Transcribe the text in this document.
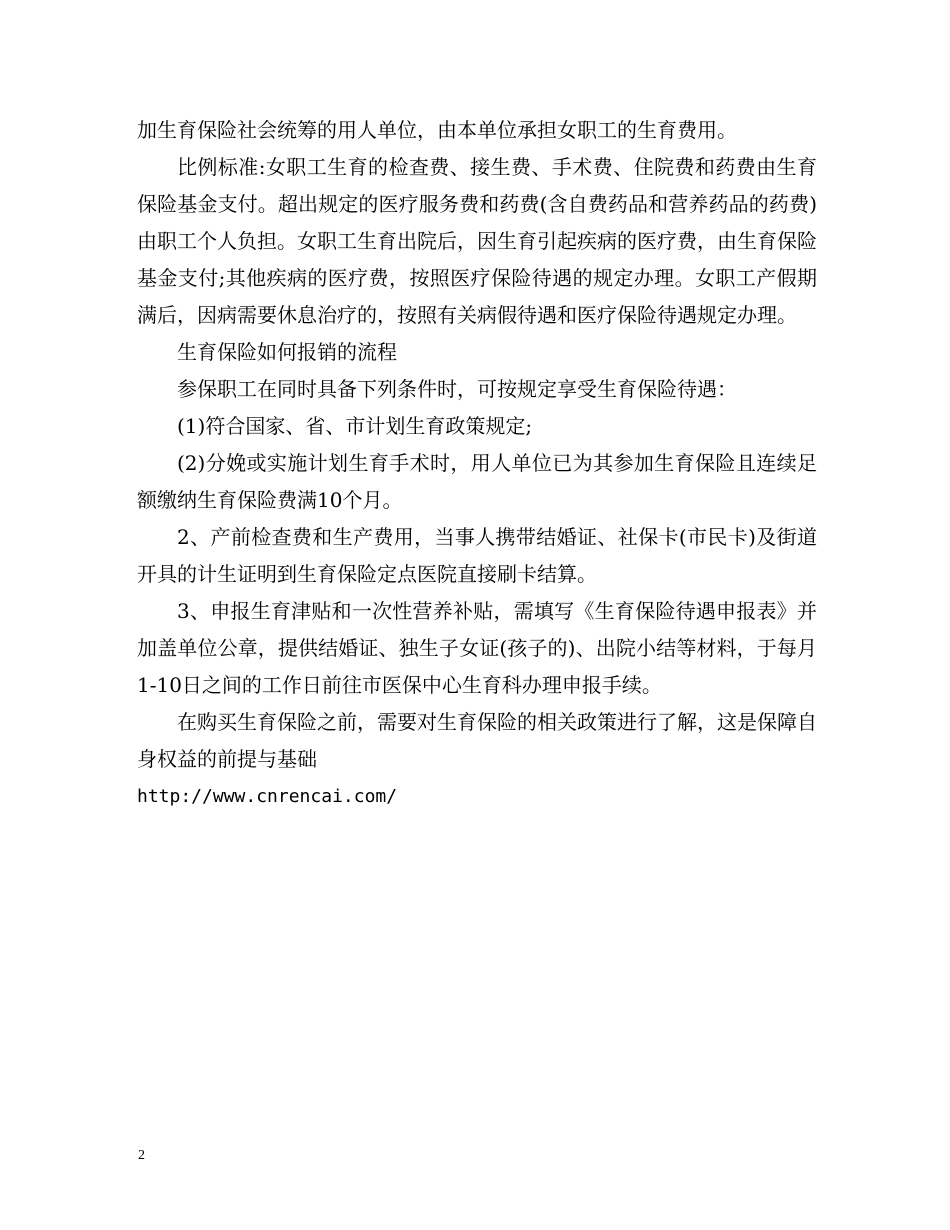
加生育保险社会统筹的用人单位，由本单位承担女职工的生育费用。

比例标准:女职工生育的检查费、接生费、手术费、住院费和药费由生育保险基金支付。超出规定的医疗服务费和药费(含自费药品和营养药品的药费)由职工个人负担。女职工生育出院后，因生育引起疾病的医疗费，由生育保险基金支付;其他疾病的医疗费，按照医疗保险待遇的规定办理。女职工产假期满后，因病需要休息治疗的，按照有关病假待遇和医疗保险待遇规定办理。

生育保险如何报销的流程

参保职工在同时具备下列条件时，可按规定享受生育保险待遇：

(1)符合国家、省、市计划生育政策规定;

(2)分娩或实施计划生育手术时，用人单位已为其参加生育保险且连续足额缴纳生育保险费满10个月。

2、产前检查费和生产费用，当事人携带结婚证、社保卡(市民卡)及街道开具的计生证明到生育保险定点医院直接刷卡结算。

3、申报生育津贴和一次性营养补贴，需填写《生育保险待遇申报表》并加盖单位公章，提供结婚证、独生子女证(孩子的)、出院小结等材料，于每月1-10日之间的工作日前往市医保中心生育科办理申报手续。

在购买生育保险之前，需要对生育保险的相关政策进行了解，这是保障自身权益的前提与基础

http://www.cnrencai.com/

2
